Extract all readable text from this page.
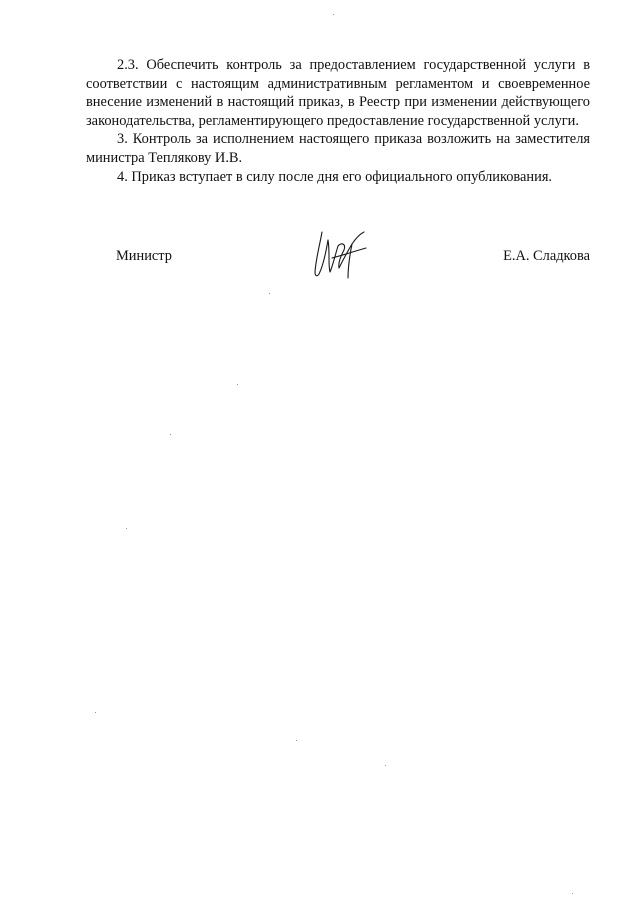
2.3. Обеспечить контроль за предоставлением государственной услуги в соответствии с настоящим административным регламентом и своевременное внесение изменений в настоящий приказ, в Реестр при изменении действующего законодательства, регламентирующего предоставление государственной услуги.

3. Контроль за исполнением настоящего приказа возложить на заместителя министра Теплякову И.В.

4. Приказ вступает в силу после дня его официального опубликования.

Министр	Е.А. Сладкова
